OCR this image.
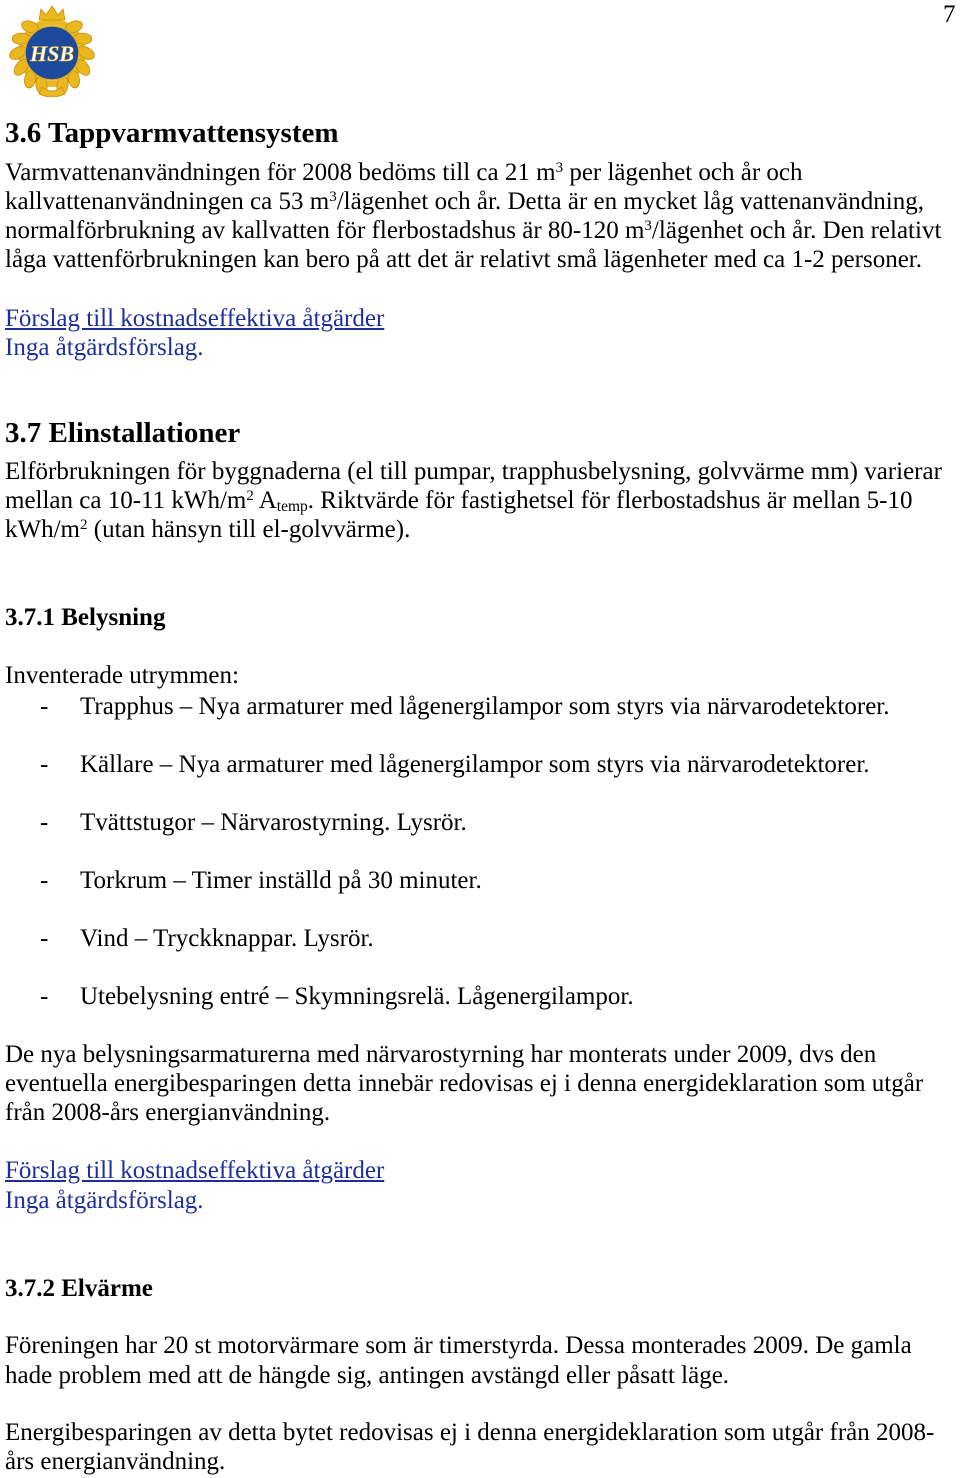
HSB
7
3.6 Tappvarmvattensystem
Varmvattenanvändningen för 2008 bedöms till ca 21 $m^3$ per lägenhet och år och
kallvattenanvändningen ca 53 $m^3$/lägenhet och år. Detta är en mycket låg vattenanvändning,
normalförbrukning av kallvatten för flerbostadshus är 80-120 $m^3$/lägenhet och år. Den relativt
låga vattenförbrukningen kan bero på att det är relativt små lägenheter med ca 1-2 personer.
Förslag till kostnadseffektiva åtgärder
Inga åtgärdsförslag.
3.7 Elinstallationer
Elförbrukningen för byggnaderna (el till pumpar, trapphusbelysning, golvvärme mm) varierar
mellan ca 10-11 kWh/$m^2$ Atemp. Riktvärde för fastighetsel för flerbostadshus är mellan 5-10
kWh/$m^2$ (utan hänsyn till el-golvvärme).
3.7.1 Belysning
Inventerade utrymmen:
- Trapphus – Nya armaturer med lågenergilampor som styrs via närvarodetektorer.
- Källare – Nya armaturer med lågenergilampor som styrs via närvarodetektorer.
- Tvättstugor – Närvarostyrning. Lysrör.
- Torkrum – Timer inställd på 30 minuter.
- Vind – Tryckknappar. Lysrör.
- Utebelysning entré – Skymningsrelä. Lågenergilampor.
De nya belysningsarmaturerna med närvarostyrning har monterats under 2009, dvs den
eventuella energibesparingen detta innebär redovisas ej i denna energideklaration som utgår
från 2008-års energianvändning.
Förslag till kostnadseffektiva åtgärder
Inga åtgärdsförslag.
3.7.2 Elvärme
Föreningen har 20 st motorvärmare som är timerstyrda. Dessa monterades 2009. De gamla
hade problem med att de hängde sig, antingen avstängd eller påsatt läge.
Energibesparingen av detta bytet redovisas ej i denna energideklaration som utgår från 2008-
års energianvändning.
